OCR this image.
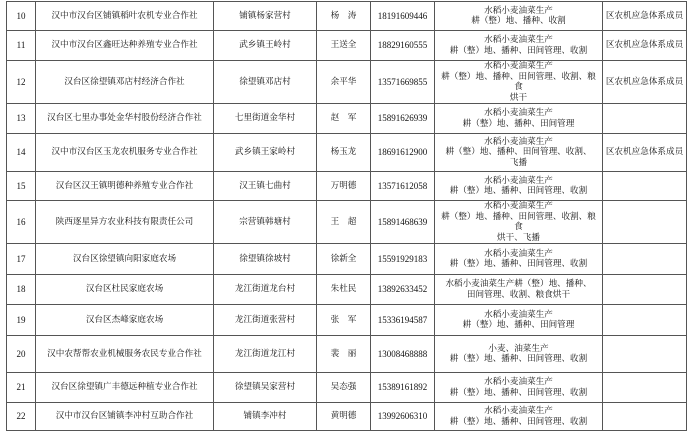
10	汉中市汉台区铺镇稻叶农机专业合作社	铺镇杨家营村	杨　涛	18191609446	水稻小麦油菜生产
耕（整）地、播种、收割	区农机应急体系成员
11	汉中市汉台区鑫旺达种养殖专业合作社	武乡镇王岭村	王送全	18829160555	水稻小麦油菜生产
耕（整）地、播种、田间管理、收割	区农机应急体系成员
12	汉台区徐望镇邓店村经济合作社	徐望镇邓店村	余平华	13571669855	水稻小麦油菜生产
耕（整）地、播种、田间管理、收割、粮食
烘干	区农机应急体系成员
13	汉台区七里办事处金华村股份经济合作社	七里街道金华村	赵　军	15891626939	水稻小麦油菜生产
耕（整）地、播种、田间管理	

14	汉中市汉台区玉龙农机服务专业合作社	武乡镇王家岭村	杨玉龙	18691612900	水稻小麦油菜生产
耕（整）地、播种、田间管理、收割、
飞播	区农机应急体系成员
15	汉台区汉王镇明德种养殖专业合作社	汉王镇七曲村	万明德	13571612058	水稻小麦油菜生产
耕（整）地、播种、田间管理、收割	

16	陕西逐星异方农业科技有限责任公司	宗营镇韩塘村	王　超	15891468639	水稻小麦油菜生产
耕（整）地、播种、田间管理、收割、粮食
烘干、飞播	

17	汉台区徐望镇向阳家庭农场	徐望镇徐坡村	徐新全	15591929183	水稻小麦油菜生产
耕（整）地、播种、田间管理、收割	

18	汉台区杜民家庭农场	龙江街道龙台村	朱杜民	13892633452	水稻小麦油菜生产耕（整）地、播种、
田间管理、收割、粮食烘干	

19	汉台区杰峰家庭农场	龙江街道张营村	张　军	15336194587	水稻小麦油菜生产
耕（整）地、播种、田间管理	

20	汉中农帮帮农业机械服务农民专业合作社	龙江街道龙江村	裴　丽	13008468888	小麦、油菜生产
耕（整）地、播种、田间管理、收割	

21	汉台区徐望镇广丰德远种植专业合作社	徐望镇吴家营村	吴态强	15389161892	水稻小麦油菜生产
耕（整）地、播种、田间管理、收割	

22	汉中市汉台区铺镇李冲村互助合作社	铺镇李冲村	黄明德	13992606310	水稻小麦油菜生产
耕（整）地、播种、田间管理、收割	
